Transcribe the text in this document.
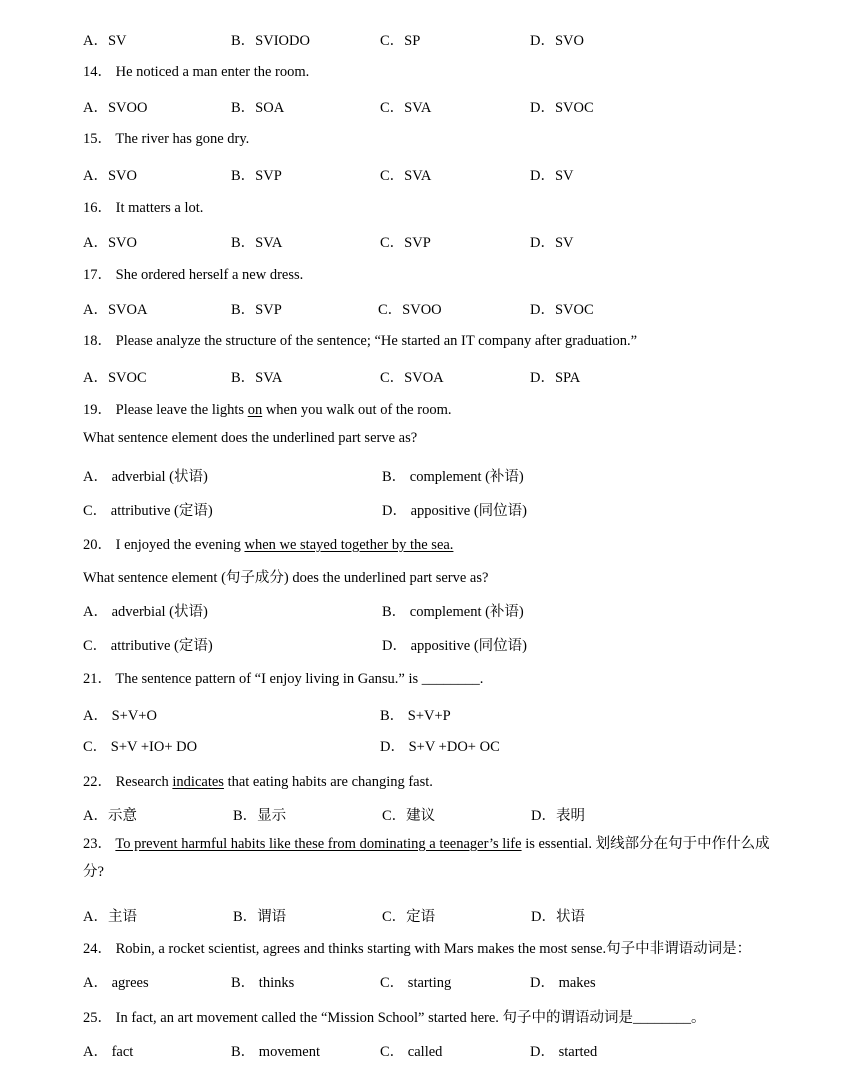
A．SV	B．SVIODO	C．SP	D．SVO
14． He noticed a man enter the room.
A．SVOO	B．SOA	C．SVA	D．SVOC
15． The river has gone dry.
A．SVO	B．SVP	C．SVA	D．SV
16． It matters a lot.
A．SVO	B．SVA	C．SVP	D．SV
17． She ordered herself a new dress.
A．SVOA	B．SVP	C．SVOO	D．SVOC
18． Please analyze the structure of the sentence; “He started an IT company after graduation.”
A．SVOC	B．SVA	C．SVOA	D．SPA
19． Please leave the lights on when you walk out of the room.
What sentence element does the underlined part serve as?
A． adverbial (状语)	B． complement (补语)
C． attributive (定语)	D． appositive (同位语)
20． I enjoyed the evening when we stayed together by the sea.
What sentence element (句子成分) does the underlined part serve as?
A． adverbial (状语)	B． complement (补语)
C． attributive (定语)	D． appositive (同位语)
21． The sentence pattern of “I enjoy living in Gansu.” is ________.
A． S+V+O	B． S+V+P
C． S+V +IO+ DO	D． S+V +DO+ OC
22． Research indicates that eating habits are changing fast.
A．示意	B．显示	C．建议	D．表明
23． To prevent harmful habits like these from dominating a teenager’s life is essential. 划线部分在句于中作什么成分?
A．主语	B．谓语	C．定语	D．状语
24． Robin, a rocket scientist, agrees and thinks starting with Mars makes the most sense.句子中非谓语动词是：
A． agrees	B． thinks	C． starting	D． makes
25． In fact, an art movement called the “Mission School” started here. 句子中的谓语动词是________。
A． fact	B． movement	C． called	D． started
